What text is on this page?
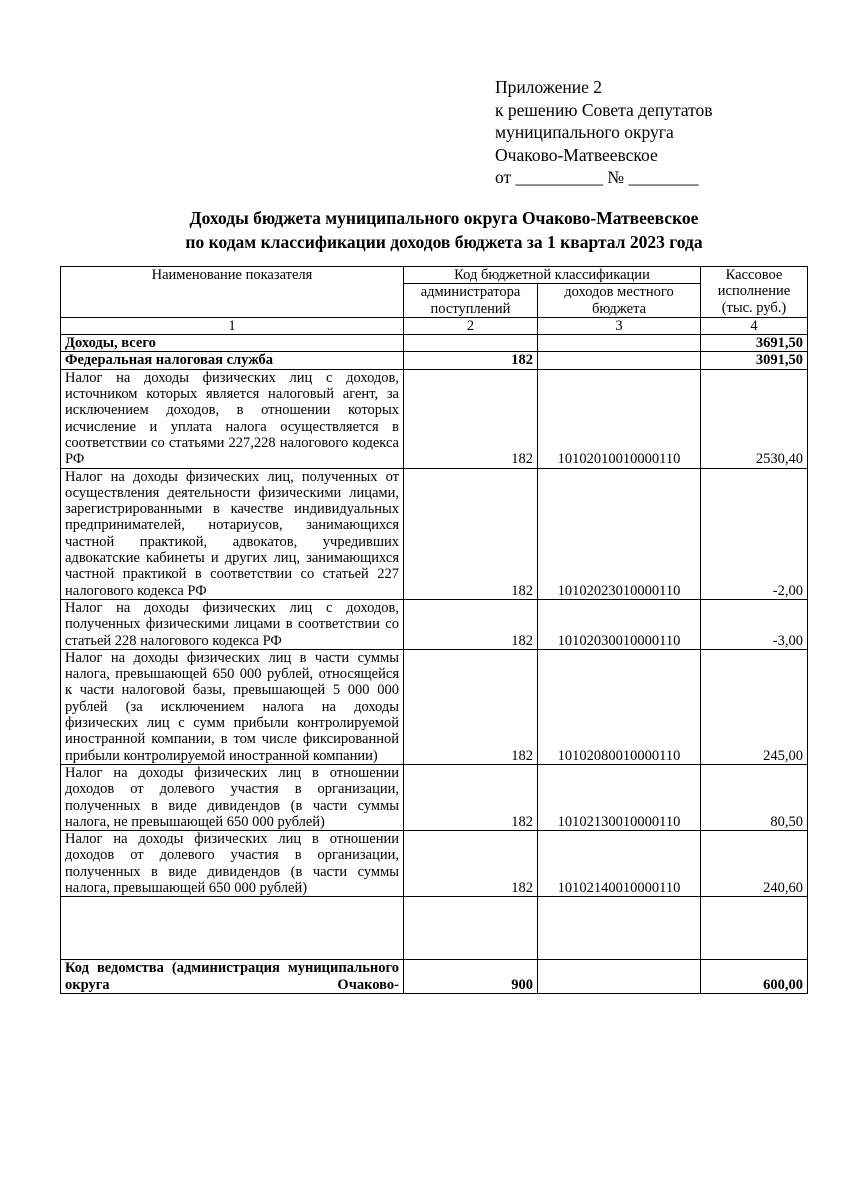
Приложение 2
к решению Совета депутатов
муниципального округа
Очаково-Матвеевское
от __________ № ________
Доходы бюджета муниципального округа Очаково-Матвеевское
по кодам классификации доходов бюджета за 1 квартал 2023 года
Наименование показателя	Код бюджетной классификации		Кассовое исполнение (тыс. руб.)
	администратора поступлений	доходов местного бюджета	
1	2	3	4
Доходы, всего			3691,50
Федеральная налоговая служба	182		3091,50
Налог на доходы физических лиц с доходов, источником которых является налоговый агент, за исключением доходов, в отношении которых исчисление и уплата налога осуществляется в соответствии со статьями 227,228 налогового кодекса РФ	182	10102010010000110	2530,40
Налог на доходы физических лиц, полученных от осуществления деятельности физическими лицами, зарегистрированными в качестве индивидуальных предпринимателей, нотариусов, занимающихся частной практикой, адвокатов, учредивших адвокатские кабинеты и других лиц, занимающихся частной практикой в соответствии со статьей 227 налогового кодекса РФ	182	10102023010000110	-2,00
Налог на доходы физических лиц с доходов, полученных физическими лицами в соответствии со статьей 228 налогового кодекса РФ	182	10102030010000110	-3,00
Налог на доходы физических лиц в части суммы налога, превышающей 650 000 рублей, относящейся к части налоговой базы, превышающей 5 000 000 рублей (за исключением налога на доходы физических лиц с сумм прибыли контролируемой иностранной компании, в том числе фиксированной прибыли контролируемой иностранной компании)	182	10102080010000110	245,00
Налог на доходы физических лиц в отношении доходов от долевого участия в организации, полученных в виде дивидендов (в части суммы налога, не превышающей 650 000 рублей)	182	10102130010000110	80,50
Налог на доходы физических лиц в отношении доходов от долевого участия в организации, полученных в виде дивидендов (в части суммы налога, превышающей 650 000 рублей)	182	10102140010000110	240,60

Код ведомства (администрация муниципального округа Очаково-	900		600,00
